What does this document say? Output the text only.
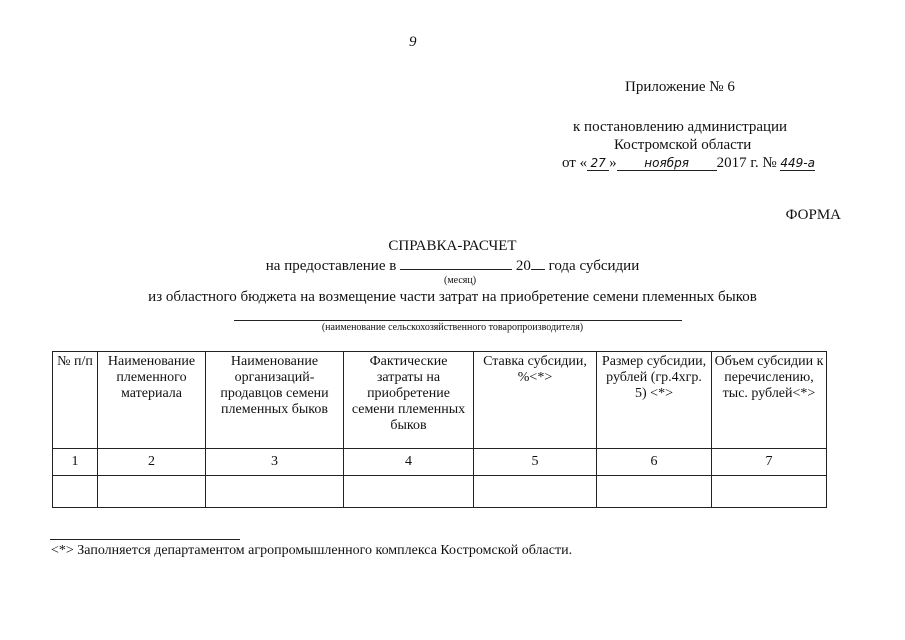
9
Приложение № 6
к постановлению администрации
Костромской области
от « 27 » ноября 2017 г. № 449-а
ФОРМА
СПРАВКА-РАСЧЕТ
на предоставление в	20 года субсидии
(месяц)
из областного бюджета на возмещение части затрат на приобретение семени племенных быков
(наименование сельскохозяйственного товаропроизводителя)
№ п/п	Наименование племенного материала	Наименование организаций-продавцов семени племенных быков	Фактические затраты на приобретение семени племенных быков	Ставка субсидии, %<*>	Размер субсидии, рублей (гр.4хгр. 5) <*>	Объем субсидии к перечислению, тыс. рублей<*>
1	2	3	4	5	6	7

<*> Заполняется департаментом агропромышленного комплекса Костромской области.
